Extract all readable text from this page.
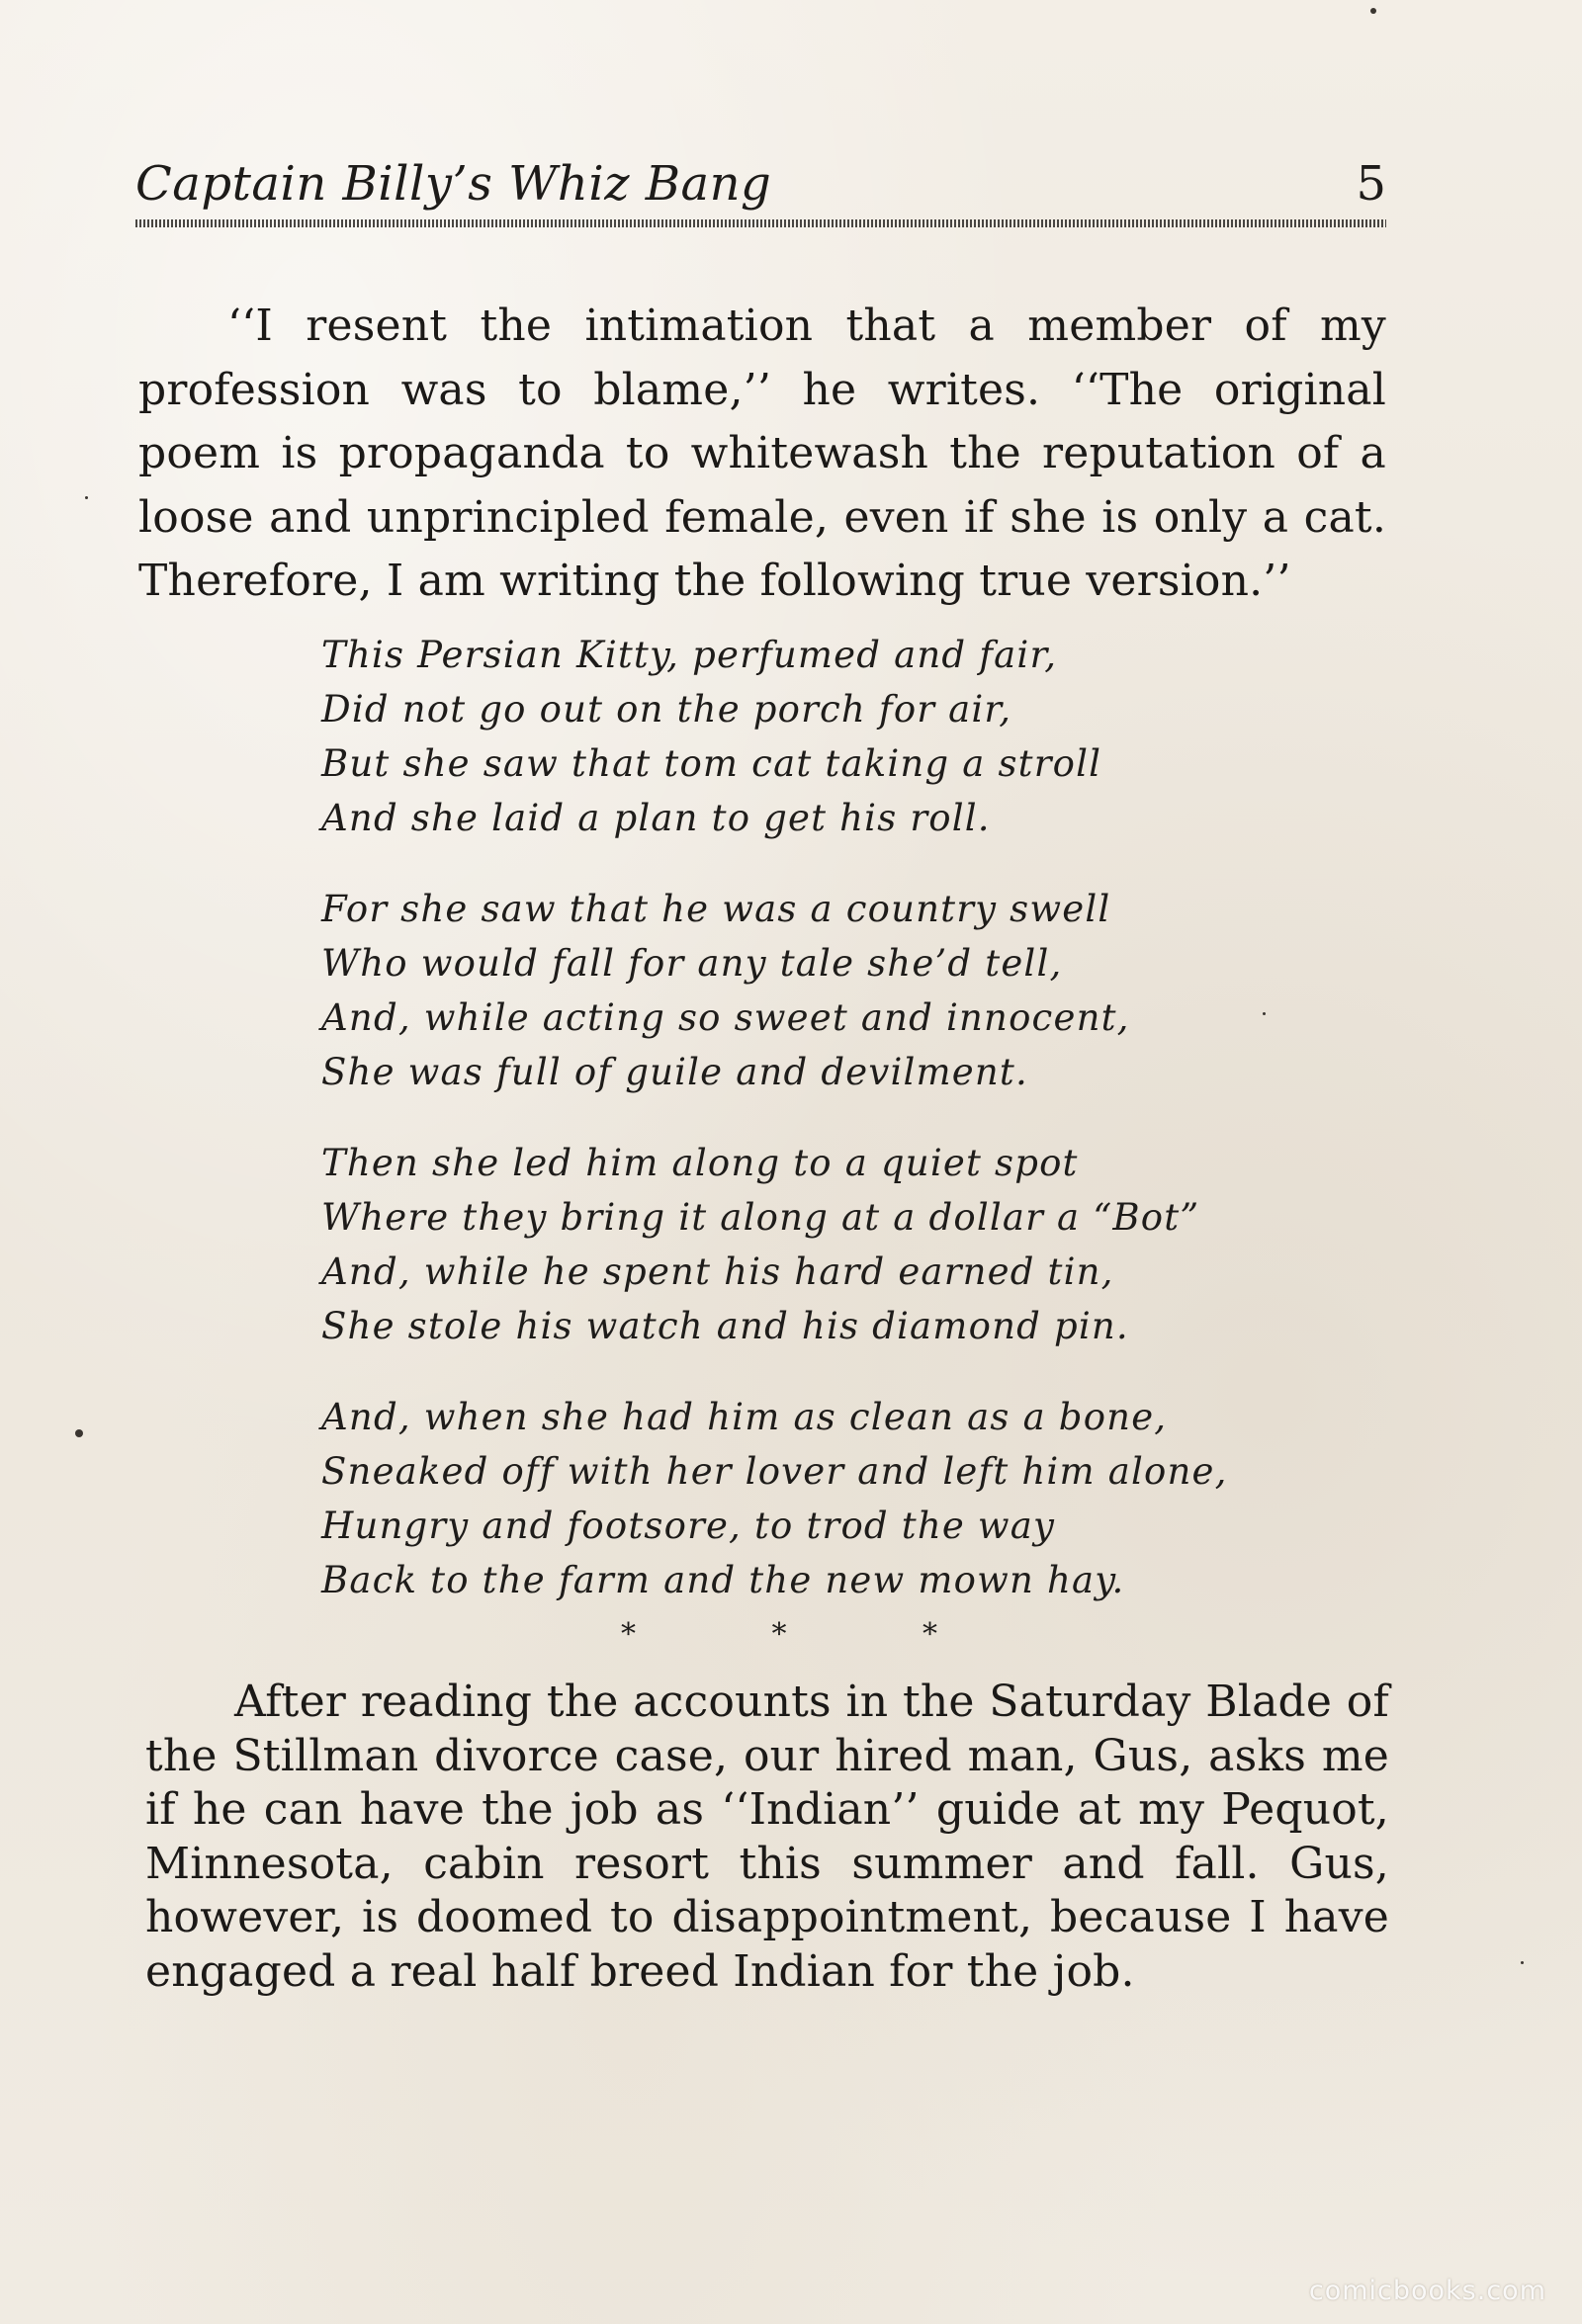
Captain Billy’s Whiz Bang	5

‘‘I resent the intimation that a member of my profession was to blame,’’ he writes. ‘‘The original poem is propaganda to whitewash the reputation of a loose and unprincipled female, even if she is only a cat. Therefore, I am writing the following true version.’’

This Persian Kitty, perfumed and fair,
Did not go out on the porch for air,
But she saw that tom cat taking a stroll
And she laid a plan to get his roll.
For she saw that he was a country swell
Who would fall for any tale she’d tell,
And, while acting so sweet and innocent,
She was full of guile and devilment.
Then she led him along to a quiet spot
Where they bring it along at a dollar a “Bot”
And, while he spent his hard earned tin,
She stole his watch and his diamond pin.
And, when she had him as clean as a bone,
Sneaked off with her lover and left him alone,
Hungry and footsore, to trod the way
Back to the farm and the new mown hay.
* * *

After reading the accounts in the Saturday Blade of the Stillman divorce case, our hired man, Gus, asks me if he can have the job as ‘‘Indian’’ guide at my Pequot, Minnesota, cabin resort this summer and fall. Gus, however, is doomed to disappointment, because I have engaged a real half breed Indian for the job.

comicbooks.com
